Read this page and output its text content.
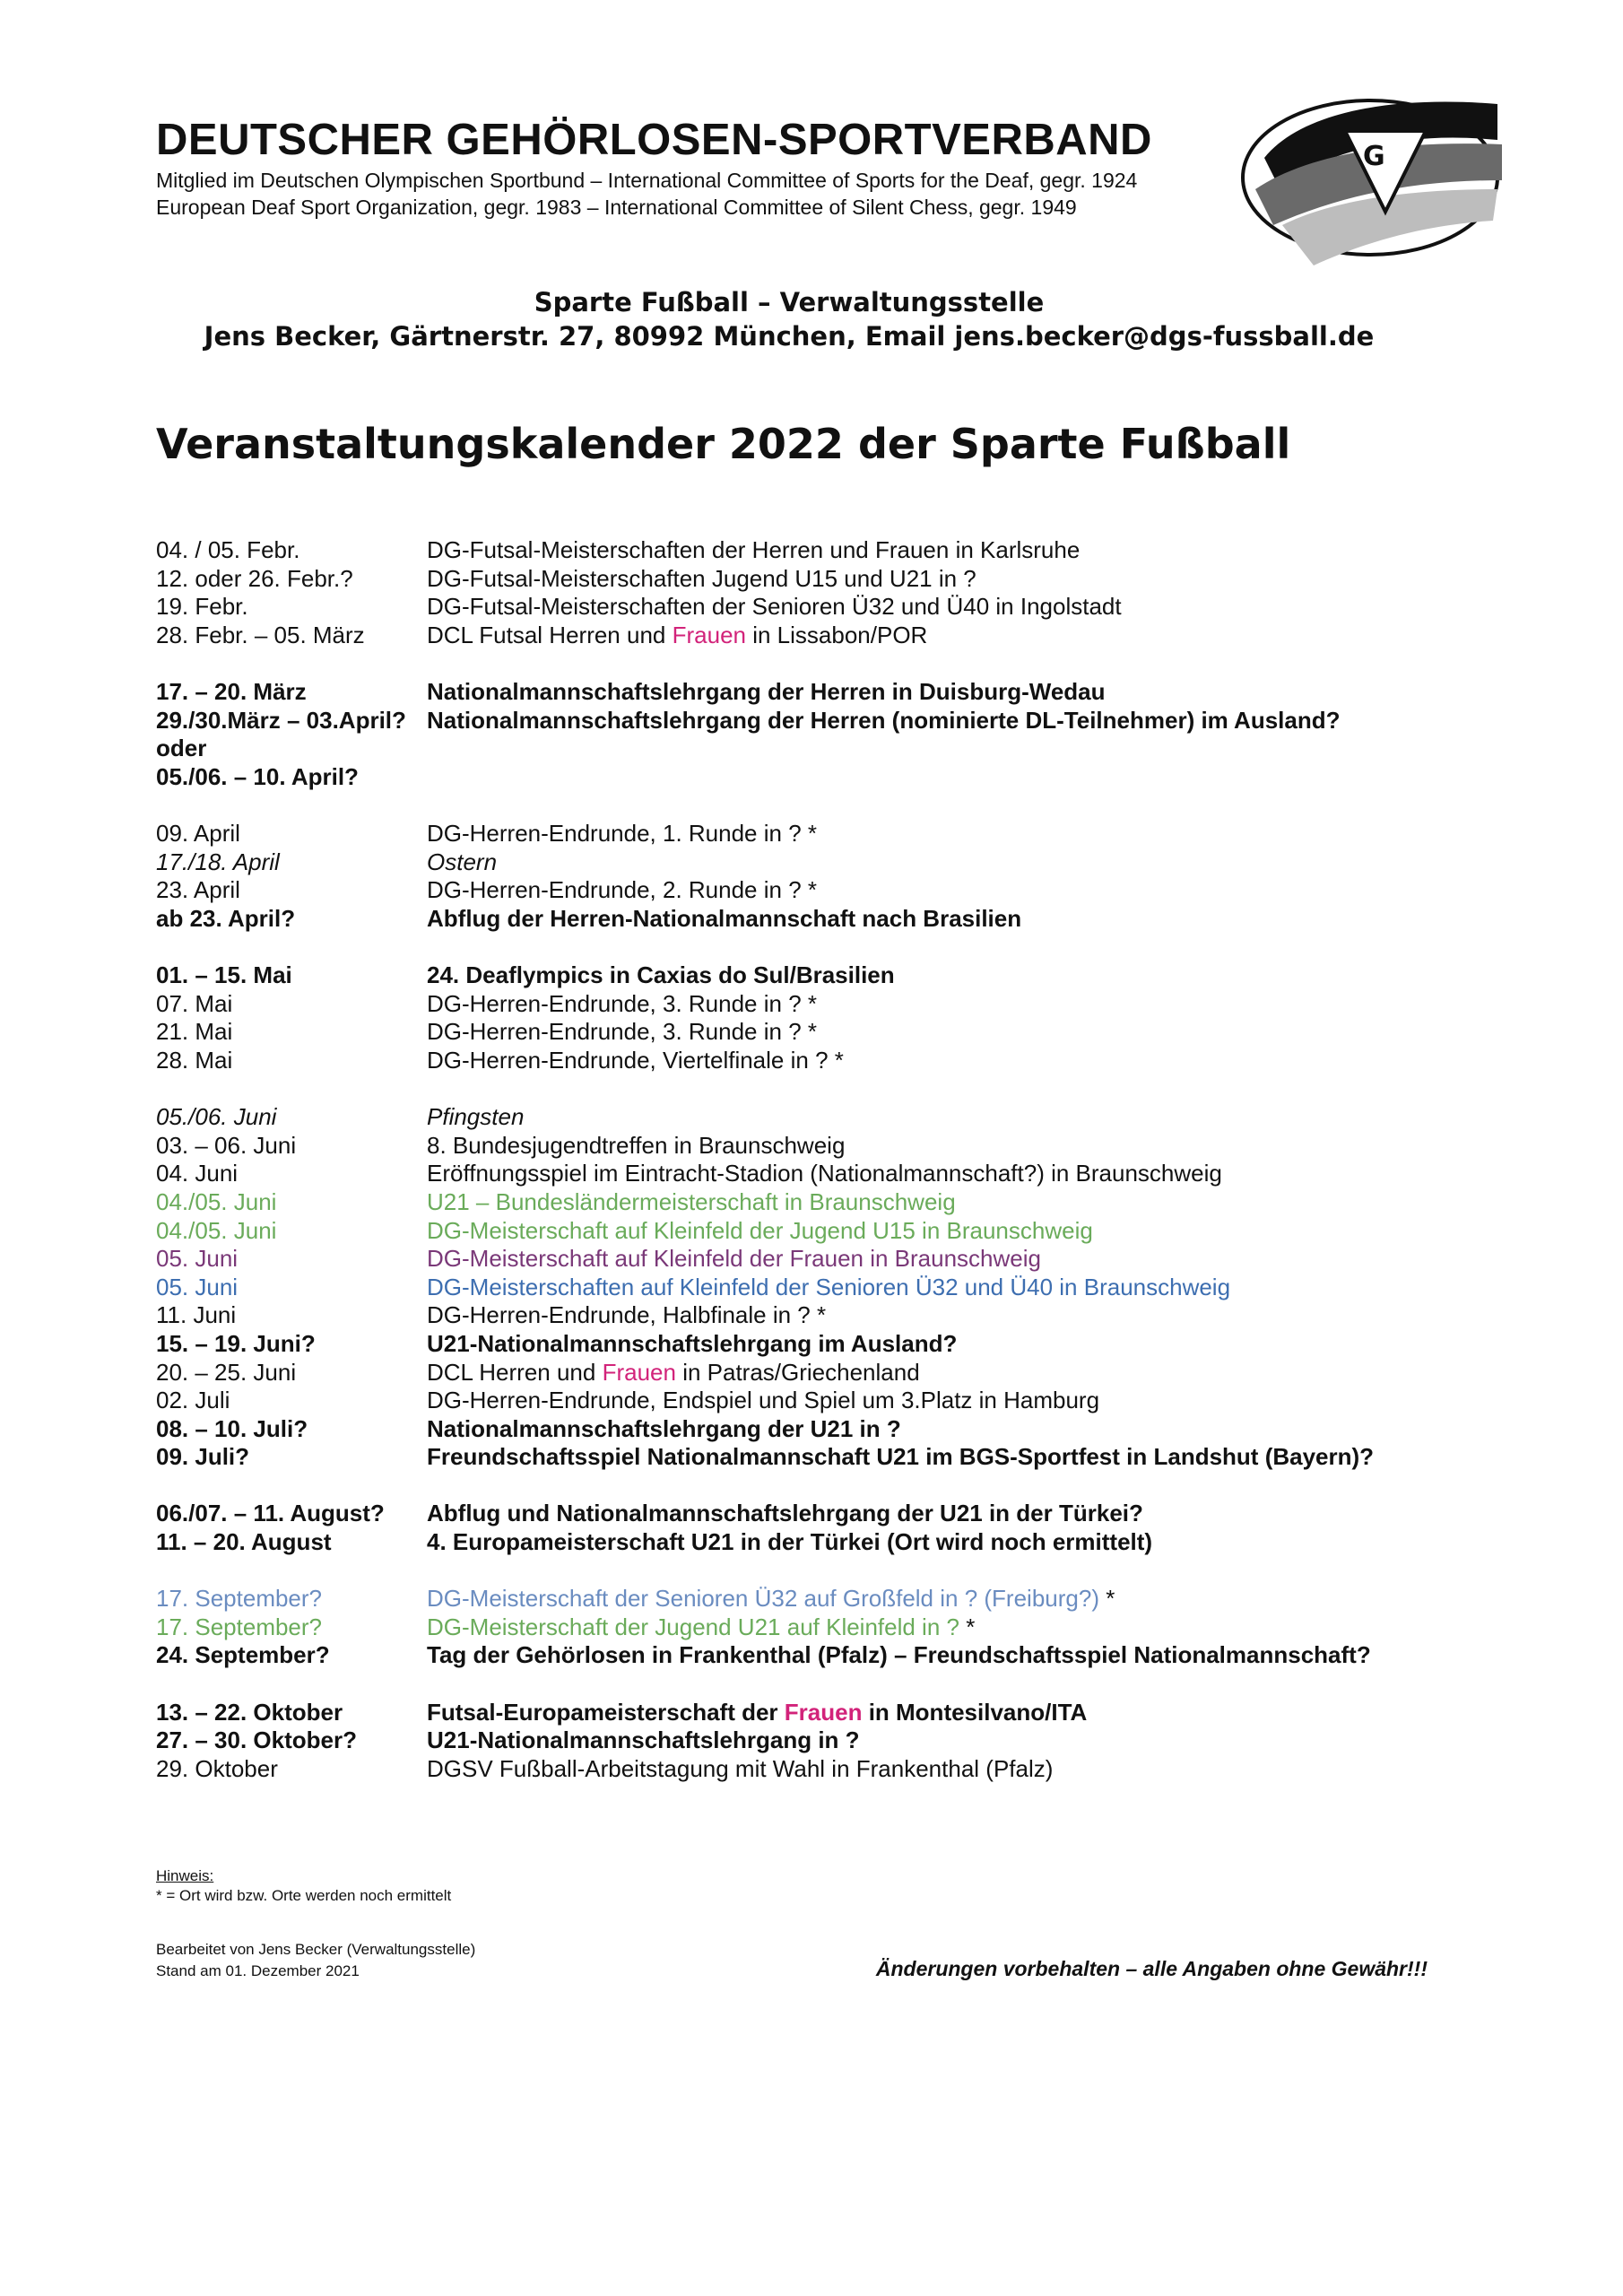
DEUTSCHER GEHÖRLOSEN-SPORTVERBAND
Mitglied im Deutschen Olympischen Sportbund – International Committee of Sports for the Deaf, gegr. 1924
European Deaf Sport Organization, gegr. 1983 – International Committee of Silent Chess, gegr. 1949
G
Sparte Fußball – Verwaltungsstelle
Jens Becker, Gärtnerstr. 27, 80992 München, Email jens.becker@dgs-fussball.de
Veranstaltungskalender 2022 der Sparte Fußball
04. / 05. Febr.	DG-Futsal-Meisterschaften der Herren und Frauen in Karlsruhe
12. oder 26. Febr.?	DG-Futsal-Meisterschaften Jugend U15 und U21 in ?
19. Febr.	DG-Futsal-Meisterschaften der Senioren Ü32 und Ü40 in Ingolstadt
28. Febr. – 05. März	DCL Futsal Herren und Frauen in Lissabon/POR
17. – 20. März	Nationalmannschaftslehrgang der Herren in Duisburg-Wedau
29./30.März – 03.April? Nationalmannschaftslehrgang der Herren (nominierte DL-Teilnehmer) im Ausland?
oder
05./06. – 10. April?
09. April	DG-Herren-Endrunde, 1. Runde in ? *
17./18. April	Ostern
23. April	DG-Herren-Endrunde, 2. Runde in ? *
ab 23. April?	Abflug der Herren-Nationalmannschaft nach Brasilien
01. – 15. Mai	24. Deaflympics in Caxias do Sul/Brasilien
07. Mai	DG-Herren-Endrunde, 3. Runde in ? *
21. Mai	DG-Herren-Endrunde, 3. Runde in ? *
28. Mai	DG-Herren-Endrunde, Viertelfinale in ? *
05./06. Juni	Pfingsten
03. – 06. Juni	8. Bundesjugendtreffen in Braunschweig
04. Juni	Eröffnungsspiel im Eintracht-Stadion (Nationalmannschaft?) in Braunschweig
04./05. Juni	U21 – Bundesländermeisterschaft in Braunschweig
04./05. Juni	DG-Meisterschaft auf Kleinfeld der Jugend U15 in Braunschweig
05. Juni	DG-Meisterschaft auf Kleinfeld der Frauen in Braunschweig
05. Juni	DG-Meisterschaften auf Kleinfeld der Senioren Ü32 und Ü40 in Braunschweig
11. Juni	DG-Herren-Endrunde, Halbfinale in ? *
15. – 19. Juni?	U21-Nationalmannschaftslehrgang im Ausland?
20. – 25. Juni	DCL Herren und Frauen in Patras/Griechenland
02. Juli	DG-Herren-Endrunde, Endspiel und Spiel um 3.Platz in Hamburg
08. – 10. Juli?	Nationalmannschaftslehrgang der U21 in ?
09. Juli?	Freundschaftsspiel Nationalmannschaft U21 im BGS-Sportfest in Landshut (Bayern)?
06./07. – 11. August?	Abflug und Nationalmannschaftslehrgang der U21 in der Türkei?
11. – 20. August	4. Europameisterschaft U21 in der Türkei (Ort wird noch ermittelt)
17. September?	DG-Meisterschaft der Senioren Ü32 auf Großfeld in ? (Freiburg?) *
17. September?	DG-Meisterschaft der Jugend U21 auf Kleinfeld in ? *
24. September?	Tag der Gehörlosen in Frankenthal (Pfalz) – Freundschaftsspiel Nationalmannschaft?
13. – 22. Oktober	Futsal-Europameisterschaft der Frauen in Montesilvano/ITA
27. – 30. Oktober?	U21-Nationalmannschaftslehrgang in ?
29. Oktober	DGSV Fußball-Arbeitstagung mit Wahl in Frankenthal (Pfalz)
Hinweis:
* = Ort wird bzw. Orte werden noch ermittelt
Bearbeitet von Jens Becker (Verwaltungsstelle)
Stand am 01. Dezember 2021	Änderungen vorbehalten – alle Angaben ohne Gewähr!!!
